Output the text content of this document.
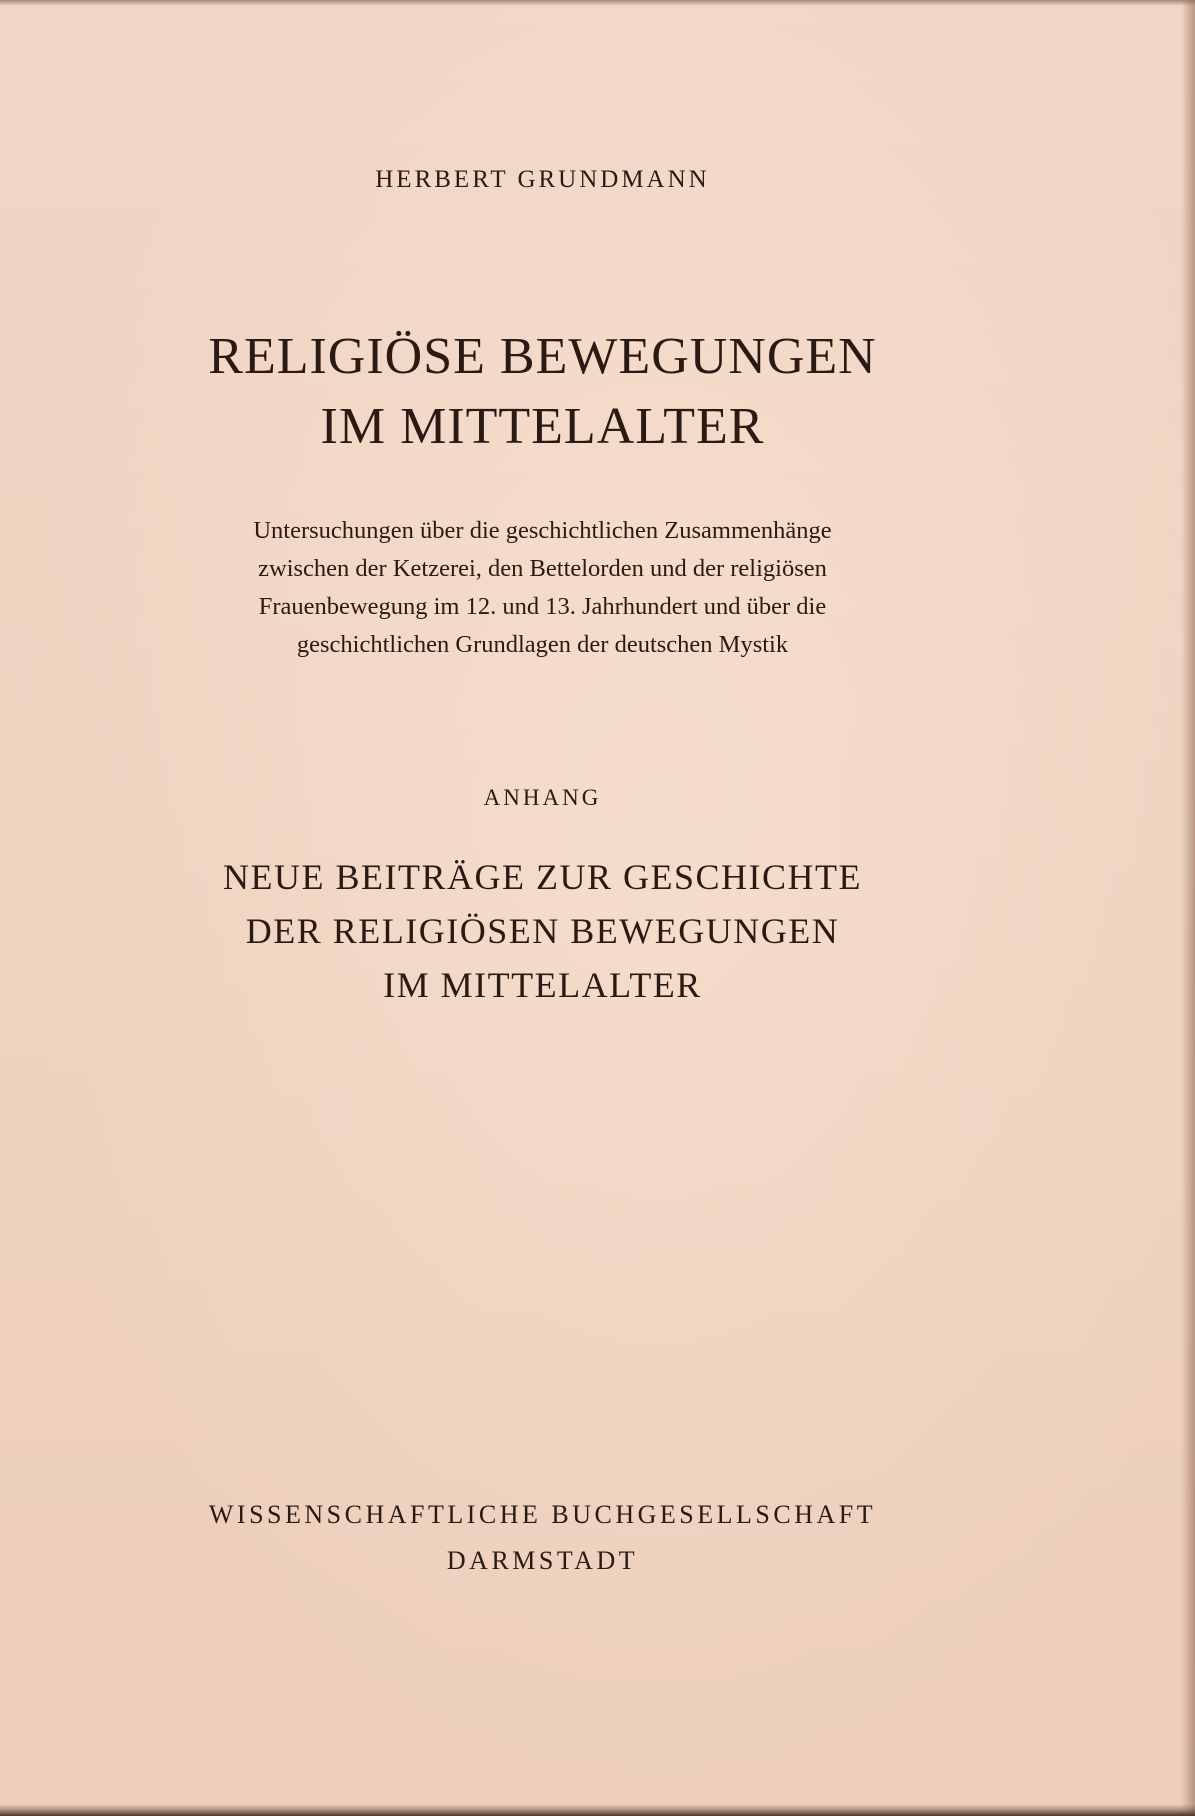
HERBERT GRUNDMANN
RELIGIÖSE BEWEGUNGEN
IM MITTELALTER
Untersuchungen über die geschichtlichen Zusammenhänge
zwischen der Ketzerei, den Bettelorden und der religiösen
Frauenbewegung im 12. und 13. Jahrhundert und über die
geschichtlichen Grundlagen der deutschen Mystik
ANHANG
NEUE BEITRÄGE ZUR GESCHICHTE
DER RELIGIÖSEN BEWEGUNGEN
IM MITTELALTER
WISSENSCHAFTLICHE BUCHGESELLSCHAFT
DARMSTADT
